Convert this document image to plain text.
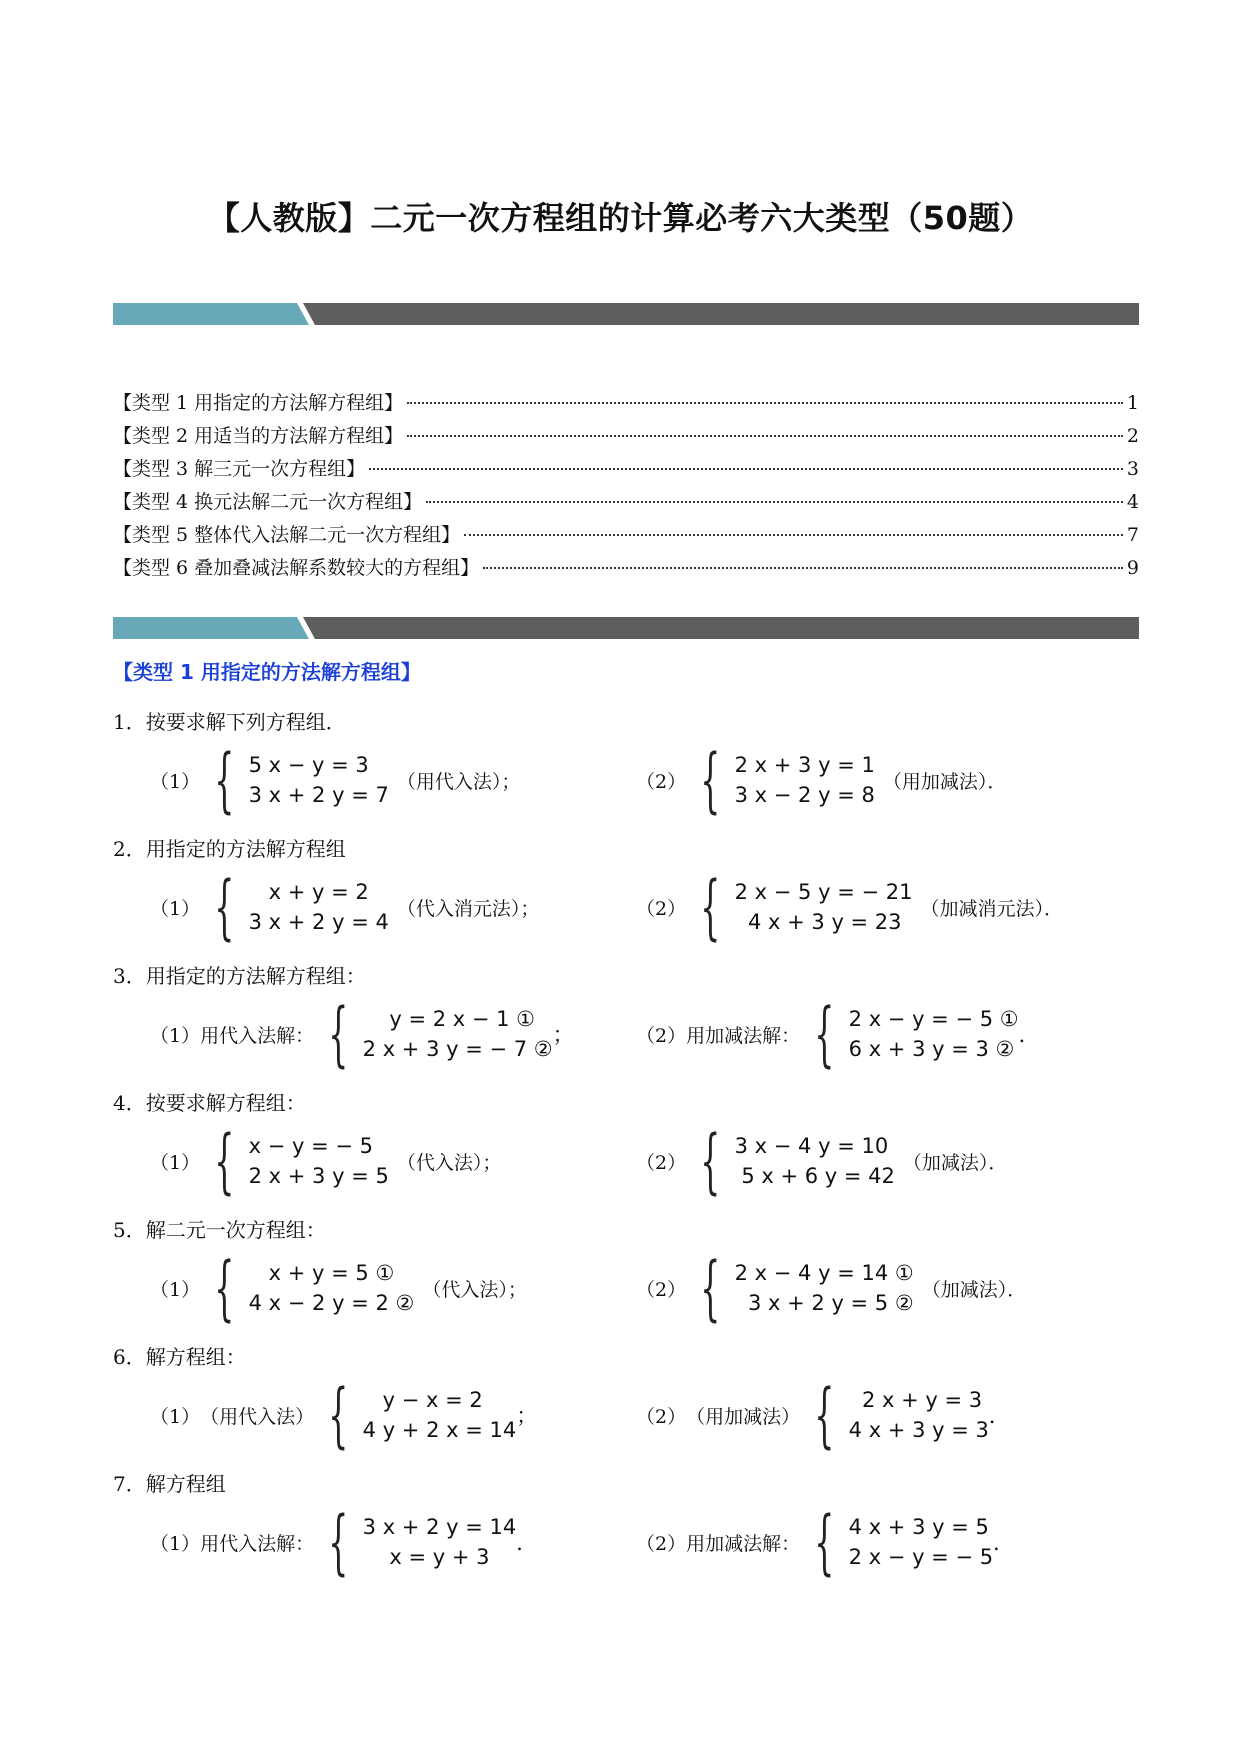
【人教版】二元一次方程组的计算必考六大类型（50题）
【类型 1 用指定的方法解方程组】	1
【类型 2 用适当的方法解方程组】	2
【类型 3 解三元一次方程组】	3
【类型 4 换元法解二元一次方程组】	4
【类型 5 整体代入法解二元一次方程组】	7
【类型 6 叠加叠减法解系数较大的方程组】	9
【类型 1 用指定的方法解方程组】
1．按要求解下列方程组．
（1） { 5 x − y = 3
3 x + 2 y = 7
（用代入法）；	（2） { 2 x + 3 y = 1
3 x − 2 y = 8
（用加减法）．
2．用指定的方法解方程组
（1） { x + y = 2
3 x + 2 y = 4
（代入消元法）；	（2） { 2 x − 5 y = − 21
4 x + 3 y = 23
（加减消元法）．
3．用指定的方法解方程组：
（1） 用代入法解： { y = 2 x − 1 ①
2 x + 3 y = − 7 ②
；	（2） 用加减法解： { 2 x − y = − 5 ①
6 x + 3 y = 3 ②
．
4．按要求解方程组：
（1） { x − y = − 5
2 x + 3 y = 5
（代入法）；	（2） { 3 x − 4 y = 10
5 x + 6 y = 42
（加减法）．
5．解二元一次方程组：
（1） { x + y = 5 ①
4 x − 2 y = 2 ②
（代入法）；	（2） { 2 x − 4 y = 14 ①
3 x + 2 y = 5 ②
（加减法）．
6．解方程组：
（1） （用代入法） { y − x = 2
4 y + 2 x = 14
；	（2） （用加减法） { 2 x + y = 3
4 x + 3 y = 3
．
7．解方程组
（1） 用代入法解： { 3 x + 2 y = 14
x = y + 3
．	（2） 用加减法解： { 4 x + 3 y = 5
2 x − y = − 5
．
